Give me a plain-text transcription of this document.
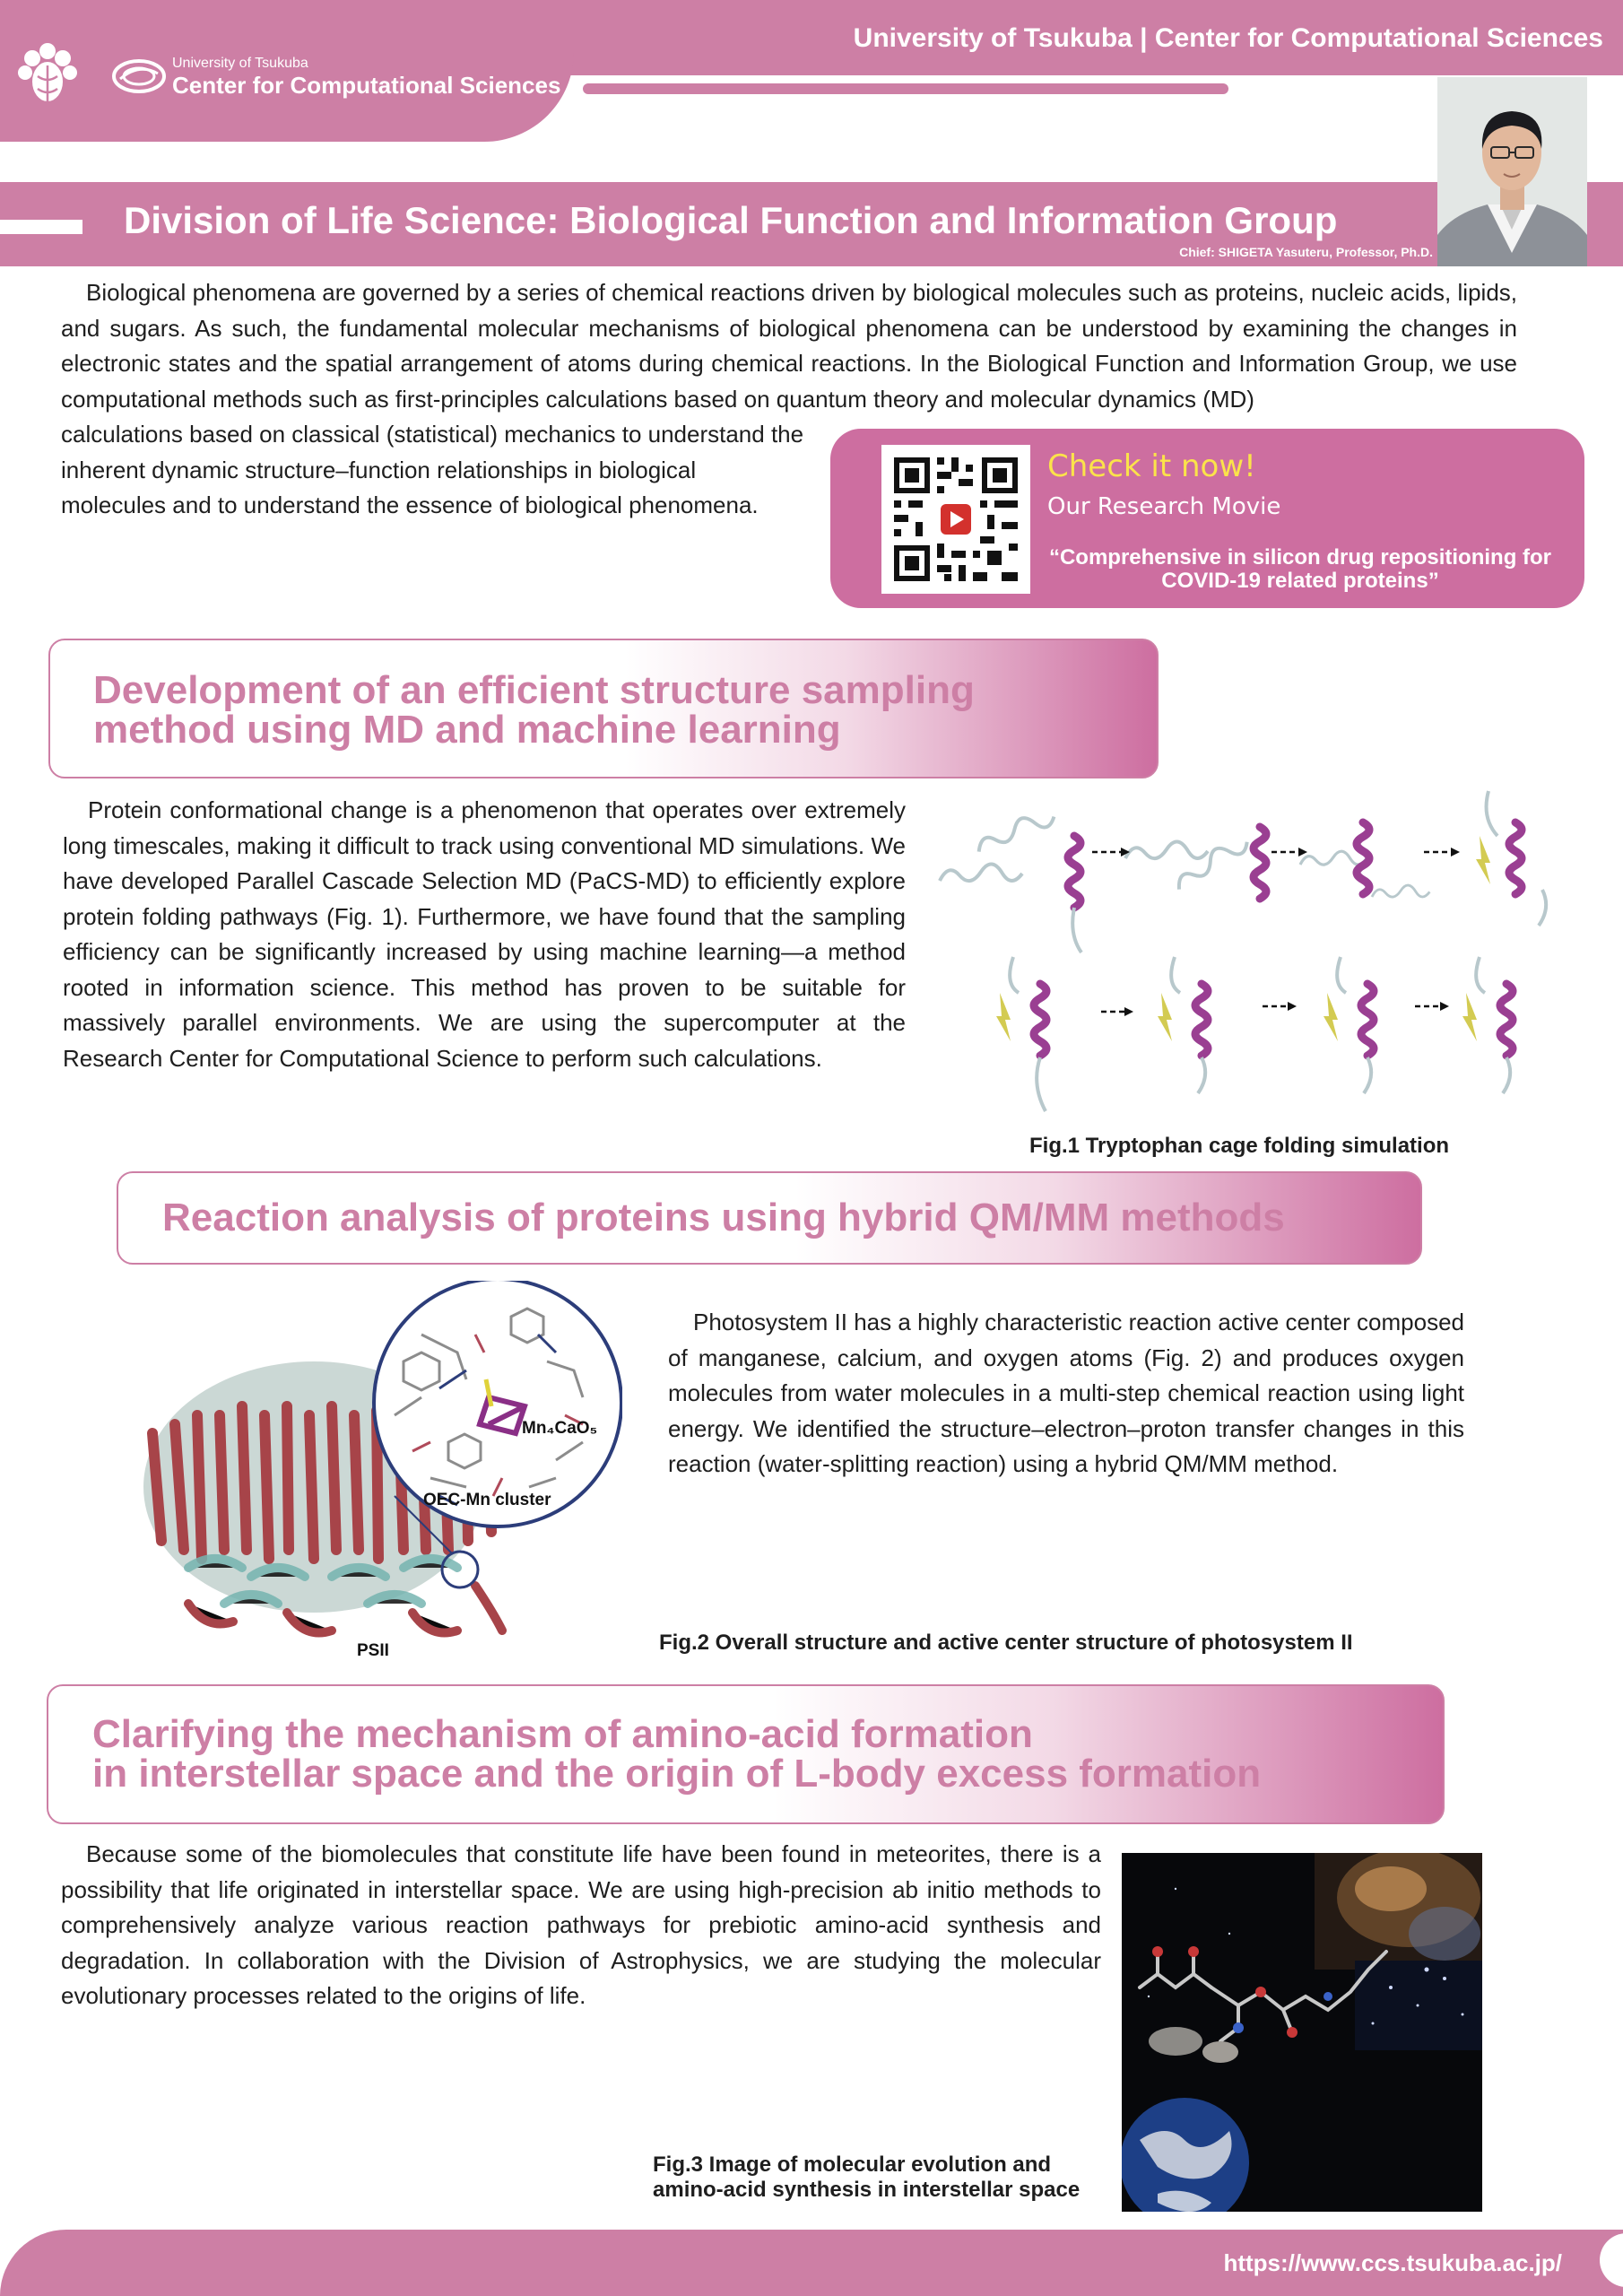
University of Tsukuba | Center for Computational Sciences
University of Tsukuba
Center for Computational Sciences
Division of Life Science: Biological Function and Information Group
Chief: SHIGETA Yasuteru, Professor, Ph.D.
Biological phenomena are governed by a series of chemical reactions driven by biological molecules such as proteins, nucleic acids, lipids, and sugars. As such, the fundamental molecular mechanisms of biological phenomena can be understood by examining the changes in electronic states and the spatial arrangement of atoms during chemical reactions. In the Biological Function and Information Group, we use computational methods such as first-principles calculations based on quantum theory and molecular dynamics (MD)
calculations based on classical (statistical) mechanics to understand the inherent dynamic structure–function relationships in biological molecules and to understand the essence of biological phenomena.
Check it now!
Our Research Movie
“Comprehensive in silicon drug repositioning for COVID-19 related proteins”
Development of an efficient structure sampling
method using MD and machine learning
Protein conformational change is a phenomenon that operates over extremely long timescales, making it difficult to track using conventional MD simulations. We have developed Parallel Cascade Selection MD (PaCS-MD) to efficiently explore protein folding pathways (Fig. 1). Furthermore, we have found that the sampling efficiency can be significantly increased by using machine learning—a method rooted in information science. This method has proven to be suitable for massively parallel environments. We are using the supercomputer at the Research Center for Computational Science to perform such calculations.
Fig.1 Tryptophan cage folding simulation
Reaction analysis of proteins using hybrid QM/MM methods
Mn₄CaO₅
OEC-Mn cluster
PSII
Photosystem II has a highly characteristic reaction active center composed of manganese, calcium, and oxygen atoms (Fig. 2) and produces oxygen molecules from water molecules in a multi-step chemical reaction using light energy. We identified the structure–electron–proton transfer changes in this reaction (water-splitting reaction) using a hybrid QM/MM method.
Fig.2 Overall structure and active center structure of photosystem II
Clarifying the mechanism of amino-acid formation
in interstellar space and the origin of L-body excess formation
Because some of the biomolecules that constitute life have been found in meteorites, there is a possibility that life originated in interstellar space. We are using high-precision ab initio methods to comprehensively analyze various reaction pathways for prebiotic amino-acid synthesis and degradation. In collaboration with the Division of Astrophysics, we are studying the molecular evolutionary processes related to the origins of life.
Fig.3 Image of molecular evolution and
amino-acid synthesis in interstellar space
https://www.ccs.tsukuba.ac.jp/
